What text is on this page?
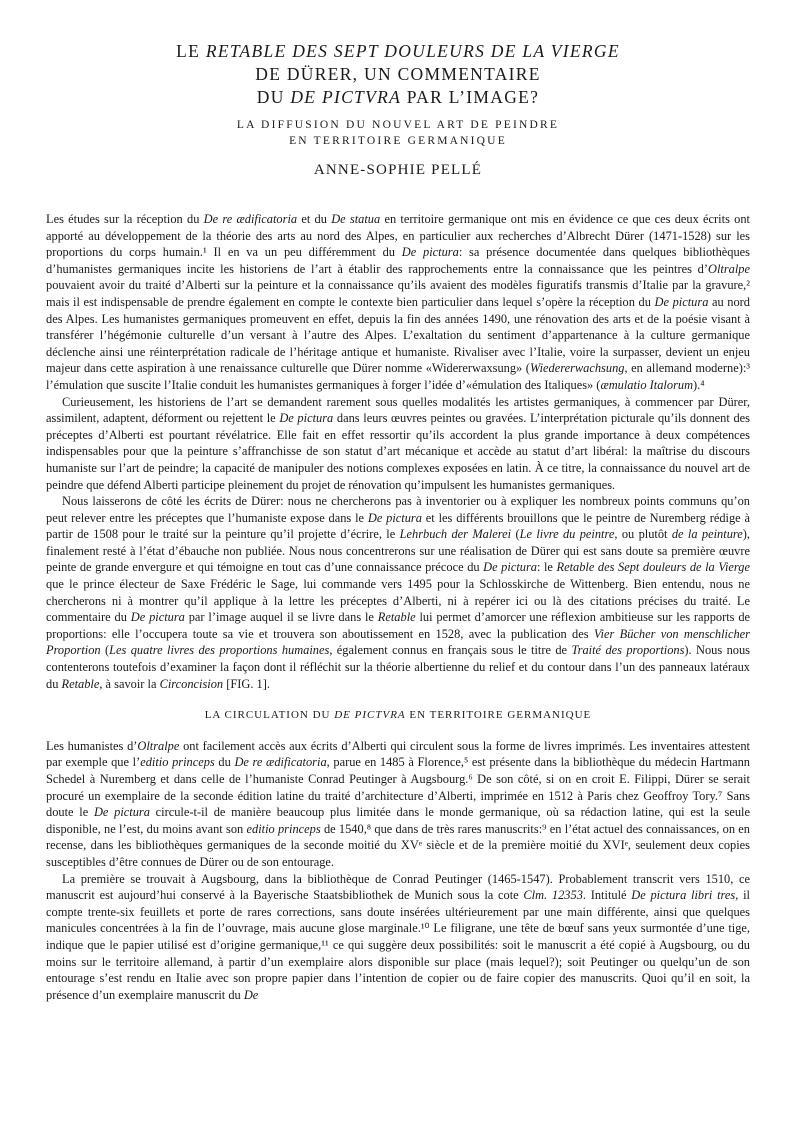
LE RETABLE DES SEPT DOULEURS DE LA VIERGE
DE DÜRER, UN COMMENTAIRE
DU DE PICTVRA PAR L’IMAGE?
LA DIFFUSION DU NOUVEL ART DE PEINDRE
EN TERRITOIRE GERMANIQUE
ANNE-SOPHIE PELLÉ

Les études sur la réception du De re ædificatoria et du De statua en territoire germanique ont mis en évidence ce que ces deux écrits ont apporté au développement de la théorie des arts au nord des Alpes, en particulier aux recherches d’Albrecht Dürer (1471-1528) sur les proportions du corps humain.¹ Il en va un peu différemment du De pictura: sa présence documentée dans quelques bibliothèques d’humanistes germaniques incite les historiens de l’art à établir des rapprochements entre la connaissance que les peintres d’Oltralpe pouvaient avoir du traité d’Alberti sur la peinture et la connaissance qu’ils avaient des modèles figuratifs transmis d’Italie par la gravure,² mais il est indispensable de prendre également en compte le contexte bien particulier dans lequel s’opère la réception du De pictura au nord des Alpes. Les humanistes germaniques promeuvent en effet, depuis la fin des années 1490, une rénovation des arts et de la poésie visant à transférer l’hégémonie culturelle d’un versant à l’autre des Alpes. L’exaltation du sentiment d’appartenance à la culture germanique déclenche ainsi une réinterprétation radicale de l’héritage antique et humaniste. Rivaliser avec l’Italie, voire la surpasser, devient un enjeu majeur dans cette aspiration à une renaissance culturelle que Dürer nomme «Widererwaxsung» (Wiedererwachsung, en allemand moderne):³ l’émulation que suscite l’Italie conduit les humanistes germaniques à forger l’idée d’«émulation des Italiques» (æmulatio Italorum).⁴

Curieusement, les historiens de l’art se demandent rarement sous quelles modalités les artistes germaniques, à commencer par Dürer, assimilent, adaptent, déforment ou rejettent le De pictura dans leurs œuvres peintes ou gravées. L’interprétation picturale qu’ils donnent des préceptes d’Alberti est pourtant révélatrice. Elle fait en effet ressortir qu’ils accordent la plus grande importance à deux compétences indispensables pour que la peinture s’affranchisse de son statut d’art mécanique et accède au statut d’art libéral: la maîtrise du discours humaniste sur l’art de peindre; la capacité de manipuler des notions complexes exposées en latin. À ce titre, la connaissance du nouvel art de peindre que défend Alberti participe pleinement du projet de rénovation qu’impulsent les humanistes germaniques.

Nous laisserons de côté les écrits de Dürer: nous ne chercherons pas à inventorier ou à expliquer les nombreux points communs qu’on peut relever entre les préceptes que l’humaniste expose dans le De pictura et les différents brouillons que le peintre de Nuremberg rédige à partir de 1508 pour le traité sur la peinture qu’il projette d’écrire, le Lehrbuch der Malerei (Le livre du peintre, ou plutôt de la peinture), finalement resté à l’état d’ébauche non publiée. Nous nous concentrerons sur une réalisation de Dürer qui est sans doute sa première œuvre peinte de grande envergure et qui témoigne en tout cas d’une connaissance précoce du De pictura: le Retable des Sept douleurs de la Vierge que le prince électeur de Saxe Frédéric le Sage, lui commande vers 1495 pour la Schlosskirche de Wittenberg. Bien entendu, nous ne chercherons ni à montrer qu’il applique à la lettre les préceptes d’Alberti, ni à repérer ici ou là des citations précises du traité. Le commentaire du De pictura par l’image auquel il se livre dans le Retable lui permet d’amorcer une réflexion ambitieuse sur les rapports de proportions: elle l’occupera toute sa vie et trouvera son aboutissement en 1528, avec la publication des Vier Bücher von menschlicher Proportion (Les quatre livres des proportions humaines, également connus en français sous le titre de Traité des proportions). Nous nous contenterons toutefois d’examiner la façon dont il réfléchit sur la théorie albertienne du relief et du contour dans l’un des panneaux latéraux du Retable, à savoir la Circoncision [FIG. 1].

LA CIRCULATION DU DE PICTVRA EN TERRITOIRE GERMANIQUE

Les humanistes d’Oltralpe ont facilement accès aux écrits d’Alberti qui circulent sous la forme de livres imprimés. Les inventaires attestent par exemple que l’editio princeps du De re ædificatoria, parue en 1485 à Florence,⁵ est présente dans la bibliothèque du médecin Hartmann Schedel à Nuremberg et dans celle de l’humaniste Conrad Peutinger à Augsbourg.⁶ De son côté, si on en croit E. Filippi, Dürer se serait procuré un exemplaire de la seconde édition latine du traité d’architecture d’Alberti, imprimée en 1512 à Paris chez Geoffroy Tory.⁷ Sans doute le De pictura circule-t-il de manière beaucoup plus limitée dans le monde germanique, où sa rédaction latine, qui est la seule disponible, ne l’est, du moins avant son editio princeps de 1540,⁸ que dans de très rares manuscrits:⁹ en l’état actuel des connaissances, on en recense, dans les bibliothèques germaniques de la seconde moitié du XVᵉ siècle et de la première moitié du XVIᵉ, seulement deux copies susceptibles d’être connues de Dürer ou de son entourage.

La première se trouvait à Augsbourg, dans la bibliothèque de Conrad Peutinger (1465-1547). Probablement transcrit vers 1510, ce manuscrit est aujourd’hui conservé à la Bayerische Staatsbibliothek de Munich sous la cote Clm. 12353. Intitulé De pictura libri tres, il compte trente-six feuillets et porte de rares corrections, sans doute insérées ultérieurement par une main différente, ainsi que quelques manicules concentrées à la fin de l’ouvrage, mais aucune glose marginale.¹⁰ Le filigrane, une tête de bœuf sans yeux surmontée d’une tige, indique que le papier utilisé est d’origine germanique,¹¹ ce qui suggère deux possibilités: soit le manuscrit a été copié à Augsbourg, ou du moins sur le territoire allemand, à partir d’un exemplaire alors disponible sur place (mais lequel?); soit Peutinger ou quelqu’un de son entourage s’est rendu en Italie avec son propre papier dans l’intention de copier ou de faire copier des manuscrits. Quoi qu’il en soit, la présence d’un exemplaire manuscrit du De
